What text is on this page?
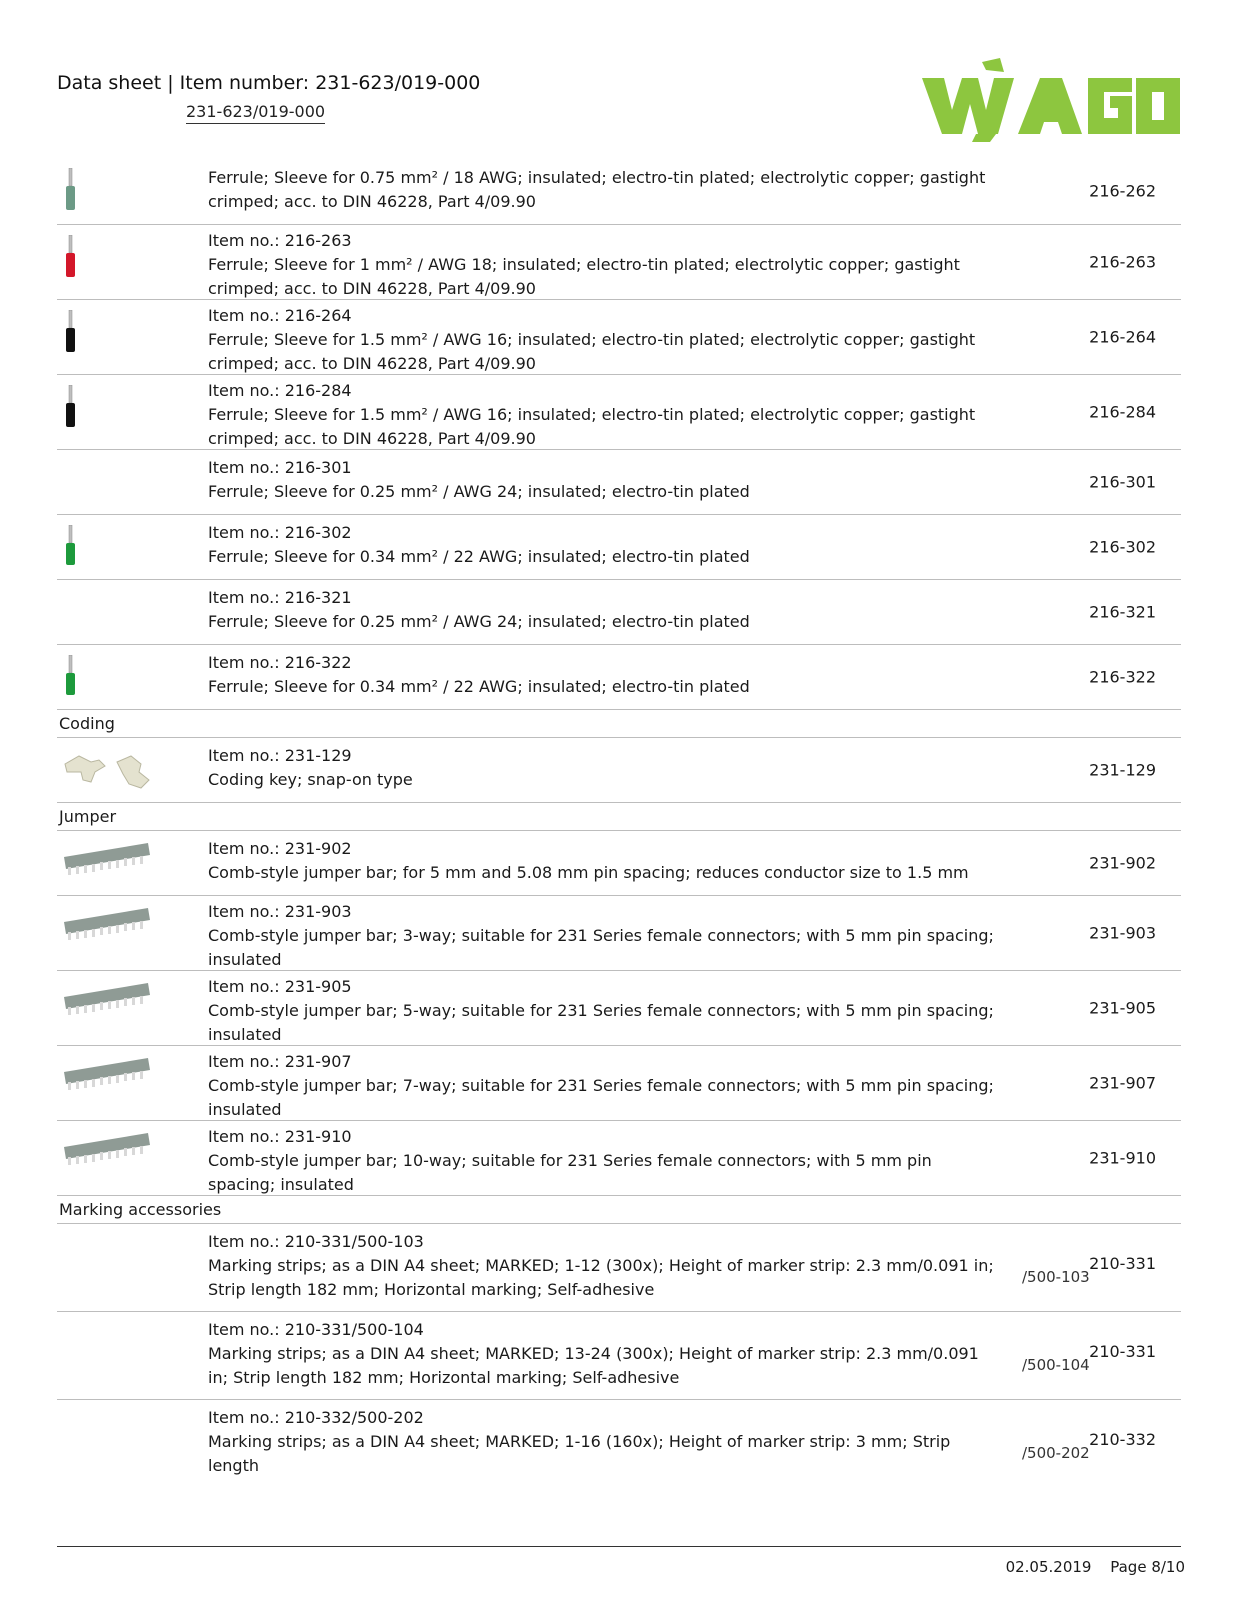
Data sheet | Item number: 231-623/019-000
231-623/019-000
Ferrule; Sleeve for 0.75 mm² / 18 AWG; insulated; electro-tin plated; electrolytic copper; gastight crimped; acc. to DIN 46228, Part 4/09.90
216-262
Item no.: 216-263
Ferrule; Sleeve for 1 mm² / AWG 18; insulated; electro-tin plated; electrolytic copper; gastight crimped; acc. to DIN 46228, Part 4/09.90
216-263
Item no.: 216-264
Ferrule; Sleeve for 1.5 mm² / AWG 16; insulated; electro-tin plated; electrolytic copper; gastight crimped; acc. to DIN 46228, Part 4/09.90
216-264
Item no.: 216-284
Ferrule; Sleeve for 1.5 mm² / AWG 16; insulated; electro-tin plated; electrolytic copper; gastight crimped; acc. to DIN 46228, Part 4/09.90
216-284
Item no.: 216-301
Ferrule; Sleeve for 0.25 mm² / AWG 24; insulated; electro-tin plated	216-301
Item no.: 216-302
Ferrule; Sleeve for 0.34 mm² / 22 AWG; insulated; electro-tin plated	216-302
Item no.: 216-321
Ferrule; Sleeve for 0.25 mm² / AWG 24; insulated; electro-tin plated	216-321
Item no.: 216-322
Ferrule; Sleeve for 0.34 mm² / 22 AWG; insulated; electro-tin plated	216-322
Coding
Item no.: 231-129
Coding key; snap-on type	231-129
Jumper
Item no.: 231-902
Comb-style jumper bar; for 5 mm and 5.08 mm pin spacing; reduces conductor size to 1.5 mm	231-902
Item no.: 231-903
Comb-style jumper bar; 3-way; suitable for 231 Series female connectors; with 5 mm pin spacing; insulated
231-903
Item no.: 231-905
Comb-style jumper bar; 5-way; suitable for 231 Series female connectors; with 5 mm pin spacing; insulated
231-905
Item no.: 231-907
Comb-style jumper bar; 7-way; suitable for 231 Series female connectors; with 5 mm pin spacing; insulated
231-907
Item no.: 231-910
Comb-style jumper bar; 10-way; suitable for 231 Series female connectors; with 5 mm pin spacing; insulated
231-910
Marking accessories
Item no.: 210-331/500-103
Marking strips; as a DIN A4 sheet; MARKED; 1-12 (300x); Height of marker strip: 2.3 mm/0.091 in; Strip length 182 mm; Horizontal marking; Self-adhesive
210-331
/500-103
Item no.: 210-331/500-104
Marking strips; as a DIN A4 sheet; MARKED; 13-24 (300x); Height of marker strip: 2.3 mm/0.091 in; Strip length 182 mm; Horizontal marking; Self-adhesive
210-331
/500-104
Item no.: 210-332/500-202
Marking strips; as a DIN A4 sheet; MARKED; 1-16 (160x); Height of marker strip: 3 mm; Strip length
210-332
/500-202
02.05.2019 Page 8/10
